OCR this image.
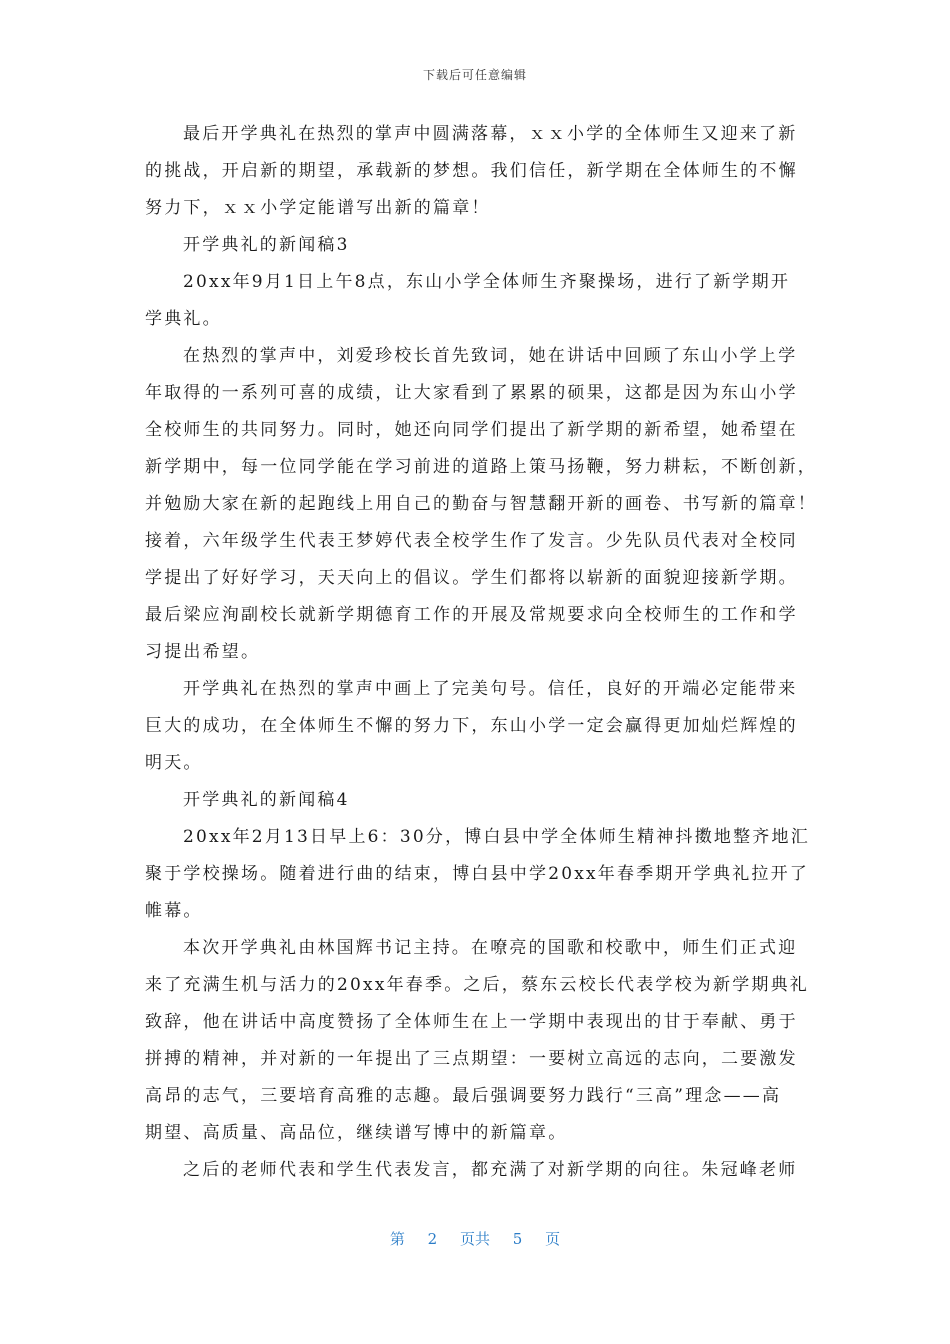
下载后可任意编辑
最后开学典礼在热烈的掌声中圆满落幕，ｘｘ小学的全体师生又迎来了新
的挑战，开启新的期望，承载新的梦想。我们信任，新学期在全体师生的不懈
努力下，ｘｘ小学定能谱写出新的篇章！
开学典礼的新闻稿3
20xx年9月1日上午8点，东山小学全体师生齐聚操场，进行了新学期开
学典礼。
在热烈的掌声中，刘爱珍校长首先致词，她在讲话中回顾了东山小学上学
年取得的一系列可喜的成绩，让大家看到了累累的硕果，这都是因为东山小学
全校师生的共同努力。同时，她还向同学们提出了新学期的新希望，她希望在
新学期中，每一位同学能在学习前进的道路上策马扬鞭，努力耕耘，不断创新，
并勉励大家在新的起跑线上用自己的勤奋与智慧翻开新的画卷、书写新的篇章！
接着，六年级学生代表王梦婷代表全校学生作了发言。少先队员代表对全校同
学提出了好好学习，天天向上的倡议。学生们都将以崭新的面貌迎接新学期。
最后梁应洵副校长就新学期德育工作的开展及常规要求向全校师生的工作和学
习提出希望。
开学典礼在热烈的掌声中画上了完美句号。信任，良好的开端必定能带来
巨大的成功，在全体师生不懈的努力下，东山小学一定会赢得更加灿烂辉煌的
明天。
开学典礼的新闻稿4
20xx年2月13日早上6：30分，博白县中学全体师生精神抖擞地整齐地汇
聚于学校操场。随着进行曲的结束，博白县中学20xx年春季期开学典礼拉开了
帷幕。
本次开学典礼由林国辉书记主持。在嘹亮的国歌和校歌中，师生们正式迎
来了充满生机与活力的20xx年春季。之后，蔡东云校长代表学校为新学期典礼
致辞，他在讲话中高度赞扬了全体师生在上一学期中表现出的甘于奉献、勇于
拼搏的精神，并对新的一年提出了三点期望：一要树立高远的志向，二要激发
高昂的志气，三要培育高雅的志趣。最后强调要努力践行“三高”理念——高
期望、高质量、高品位，继续谱写博中的新篇章。
之后的老师代表和学生代表发言，都充满了对新学期的向往。朱冠峰老师
第 2 页共 5 页
